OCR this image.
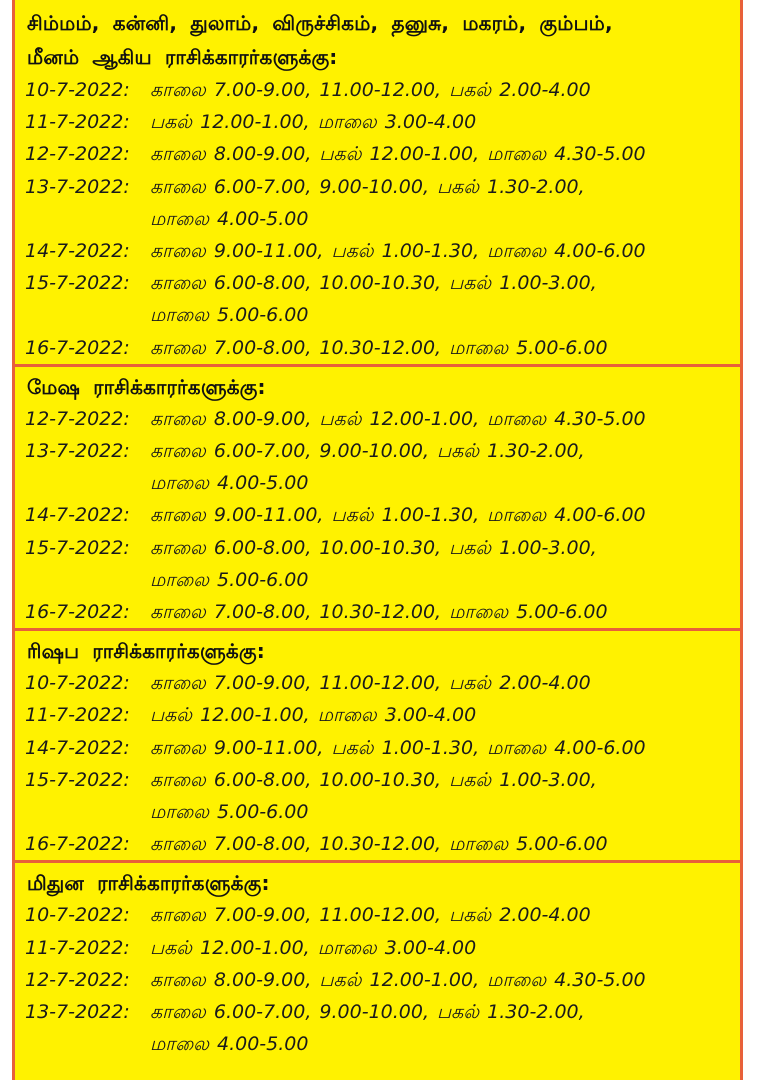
சிம்மம், கன்னி, துலாம், விருச்சிகம், தனுசு, மகரம், கும்பம்,
மீனம் ஆகிய ராசிக்காரர்களுக்கு:
10-7-2022:	காலை 7.00-9.00, 11.00-12.00, பகல் 2.00-4.00
11-7-2022:	பகல் 12.00-1.00, மாலை 3.00-4.00
12-7-2022:	காலை 8.00-9.00, பகல் 12.00-1.00, மாலை 4.30-5.00
13-7-2022:	காலை 6.00-7.00, 9.00-10.00, பகல் 1.30-2.00,
மாலை 4.00-5.00
14-7-2022:	காலை 9.00-11.00, பகல் 1.00-1.30, மாலை 4.00-6.00
15-7-2022:	காலை 6.00-8.00, 10.00-10.30, பகல் 1.00-3.00,
மாலை 5.00-6.00
16-7-2022:	காலை 7.00-8.00, 10.30-12.00, மாலை 5.00-6.00
மேஷ ராசிக்காரர்களுக்கு:
12-7-2022:	காலை 8.00-9.00, பகல் 12.00-1.00, மாலை 4.30-5.00
13-7-2022:	காலை 6.00-7.00, 9.00-10.00, பகல் 1.30-2.00,
மாலை 4.00-5.00
14-7-2022:	காலை 9.00-11.00, பகல் 1.00-1.30, மாலை 4.00-6.00
15-7-2022:	காலை 6.00-8.00, 10.00-10.30, பகல் 1.00-3.00,
மாலை 5.00-6.00
16-7-2022:	காலை 7.00-8.00, 10.30-12.00, மாலை 5.00-6.00
ரிஷப ராசிக்காரர்களுக்கு:
10-7-2022:	காலை 7.00-9.00, 11.00-12.00, பகல் 2.00-4.00
11-7-2022:	பகல் 12.00-1.00, மாலை 3.00-4.00
14-7-2022:	காலை 9.00-11.00, பகல் 1.00-1.30, மாலை 4.00-6.00
15-7-2022:	காலை 6.00-8.00, 10.00-10.30, பகல் 1.00-3.00,
மாலை 5.00-6.00
16-7-2022:	காலை 7.00-8.00, 10.30-12.00, மாலை 5.00-6.00
மிதுன ராசிக்காரர்களுக்கு:
10-7-2022:	காலை 7.00-9.00, 11.00-12.00, பகல் 2.00-4.00
11-7-2022:	பகல் 12.00-1.00, மாலை 3.00-4.00
12-7-2022:	காலை 8.00-9.00, பகல் 12.00-1.00, மாலை 4.30-5.00
13-7-2022:	காலை 6.00-7.00, 9.00-10.00, பகல் 1.30-2.00,
மாலை 4.00-5.00
